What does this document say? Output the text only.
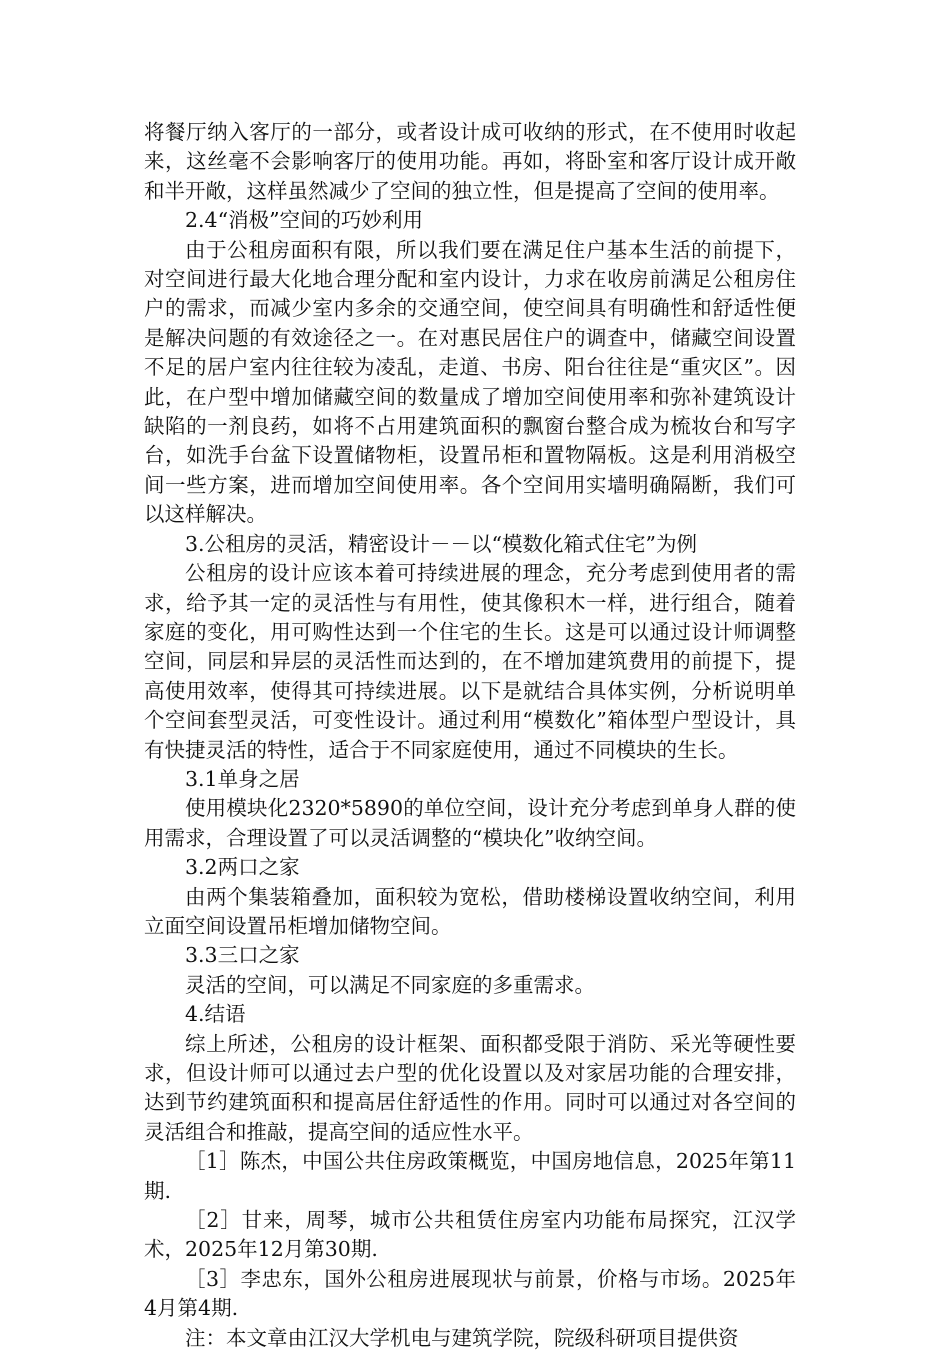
将餐厅纳入客厅的一部分，或者设计成可收纳的形式，在不使用时收起来，这丝毫不会影响客厅的使用功能。再如，将卧室和客厅设计成开敞和半开敞，这样虽然减少了空间的独立性，但是提高了空间的使用率。

2.4“消极”空间的巧妙利用

由于公租房面积有限，所以我们要在满足住户基本生活的前提下，对空间进行最大化地合理分配和室内设计，力求在收房前满足公租房住户的需求，而减少室内多余的交通空间，使空间具有明确性和舒适性便是解决问题的有效途径之一。在对惠民居住户的调查中，储藏空间设置不足的居户室内往往较为凌乱，走道、书房、阳台往往是“重灾区”。因此，在户型中增加储藏空间的数量成了增加空间使用率和弥补建筑设计缺陷的一剂良药，如将不占用建筑面积的飘窗台整合成为梳妆台和写字台，如洗手台盆下设置储物柜，设置吊柜和置物隔板。这是利用消极空间一些方案，进而增加空间使用率。各个空间用实墙明确隔断，我们可以这样解决。

3.公租房的灵活，精密设计－－以“模数化箱式住宅”为例

公租房的设计应该本着可持续进展的理念，充分考虑到使用者的需求，给予其一定的灵活性与有用性，使其像积木一样，进行组合，随着家庭的变化，用可购性达到一个住宅的生长。这是可以通过设计师调整空间，同层和异层的灵活性而达到的，在不增加建筑费用的前提下，提高使用效率，使得其可持续进展。以下是就结合具体实例，分析说明单个空间套型灵活，可变性设计。通过利用“模数化”箱体型户型设计，具有快捷灵活的特性，适合于不同家庭使用，通过不同模块的生长。

3.1单身之居

使用模块化2320*5890的单位空间，设计充分考虑到单身人群的使用需求，合理设置了可以灵活调整的“模块化”收纳空间。

3.2两口之家

由两个集装箱叠加，面积较为宽松，借助楼梯设置收纳空间，利用立面空间设置吊柜增加储物空间。

3.3三口之家

灵活的空间，可以满足不同家庭的多重需求。

4.结语

综上所述，公租房的设计框架、面积都受限于消防、采光等硬性要求，但设计师可以通过去户型的优化设置以及对家居功能的合理安排，达到节约建筑面积和提高居住舒适性的作用。同时可以通过对各空间的灵活组合和推敲，提高空间的适应性水平。

［1］陈杰，中国公共住房政策概览，中国房地信息，2025年第11期.

［2］甘来，周琴，城市公共租赁住房室内功能布局探究，江汉学术，2025年12月第30期.

［3］李忠东，国外公租房进展现状与前景，价格与市场。2025年4月第4期.

注：本文章由江汉大学机电与建筑学院，院级科研项目提供资
